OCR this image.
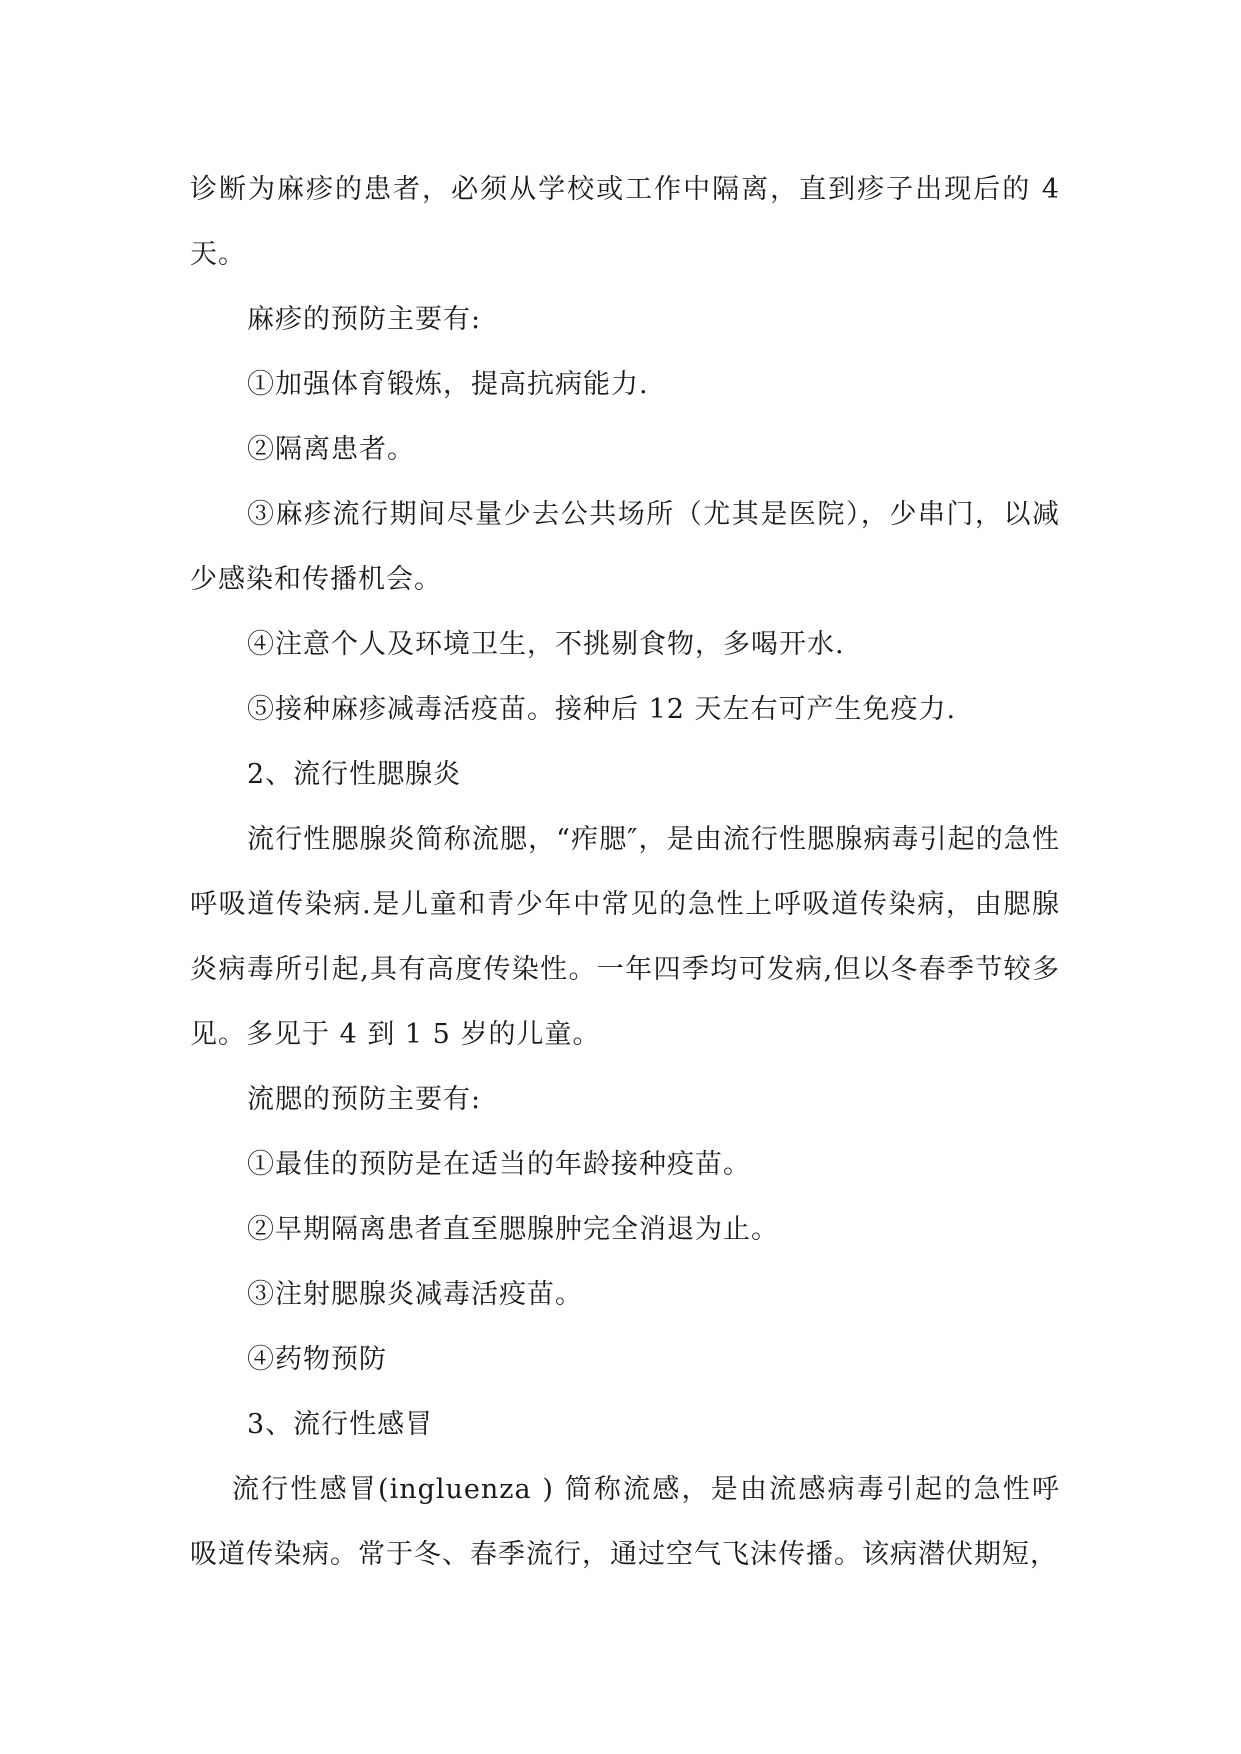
诊断为麻疹的患者，必须从学校或工作中隔离，直到疹子出现后的 4 天。

麻疹的预防主要有:

①加强体育锻炼，提高抗病能力.

②隔离患者。

③麻疹流行期间尽量少去公共场所（尤其是医院），少串门，以减少感染和传播机会。

④注意个人及环境卫生，不挑剔食物，多喝开水.

⑤接种麻疹减毒活疫苗。接种后 12 天左右可产生免疫力.

2、流行性腮腺炎

流行性腮腺炎简称流腮，“痄腮″，是由流行性腮腺病毒引起的急性呼吸道传染病.是儿童和青少年中常见的急性上呼吸道传染病，由腮腺炎病毒所引起,具有高度传染性。一年四季均可发病,但以冬春季节较多见。多见于 4 到 1 5 岁的儿童。

流腮的预防主要有:

①最佳的预防是在适当的年龄接种疫苗。

②早期隔离患者直至腮腺肿完全消退为止。

③注射腮腺炎减毒活疫苗。

④药物预防

3、流行性感冒

流行性感冒(ingluenza ) 简称流感，是由流感病毒引起的急性呼吸道传染病。常于冬、春季流行，通过空气飞沫传播。该病潜伏期短，
